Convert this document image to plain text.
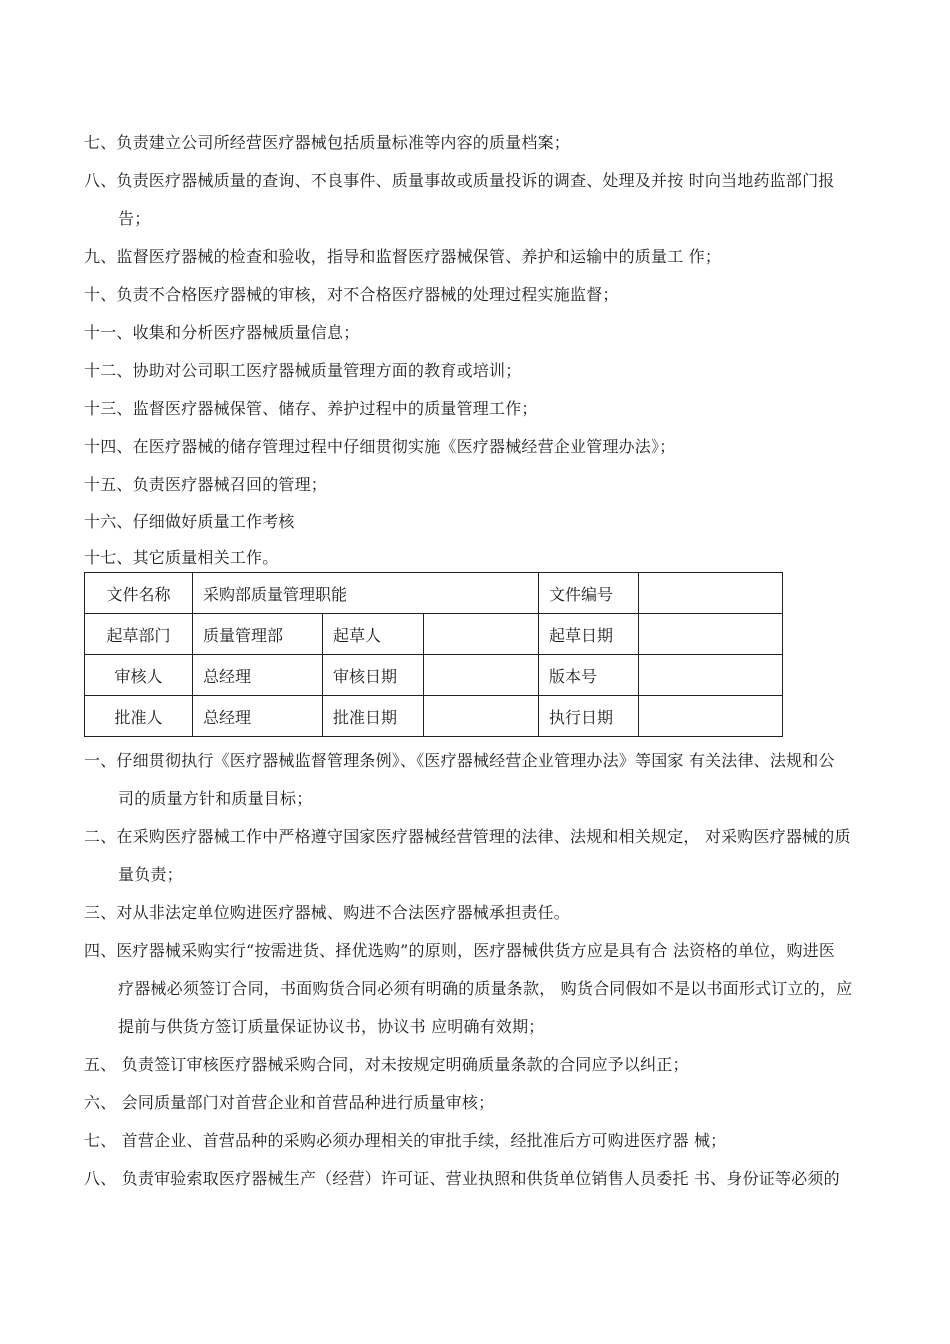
七、负责建立公司所经营医疗器械包括质量标准等内容的质量档案；
八、负责医疗器械质量的查询、不良事件、质量事故或质量投诉的调查、处理及并按 时向当地药监部门报
告；
九、监督医疗器械的检查和验收，指导和监督医疗器械保管、养护和运输中的质量工 作；
十、负责不合格医疗器械的审核，对不合格医疗器械的处理过程实施监督；
十一、收集和分析医疗器械质量信息；
十二、协助对公司职工医疗器械质量管理方面的教育或培训；
十三、监督医疗器械保管、储存、养护过程中的质量管理工作；
十四、在医疗器械的储存管理过程中仔细贯彻实施《医疗器械经营企业管理办法》；
十五、负责医疗器械召回的管理；
十六、仔细做好质量工作考核
十七、其它质量相关工作。
文件名称	采购部质量管理职能			文件编号	
起草部门	质量管理部	起草人		起草日期	
审核人	总经理	审核日期		版本号	
批准人	总经理	批准日期		执行日期	
一、仔细贯彻执行《医疗器械监督管理条例》、《医疗器械经营企业管理办法》等国家 有关法律、法规和公
司的质量方针和质量目标；
二、在采购医疗器械工作中严格遵守国家医疗器械经营管理的法律、法规和相关规定， 对采购医疗器械的质
量负责；
三、对从非法定单位购进医疗器械、购进不合法医疗器械承担责任。
四、医疗器械采购实行“按需进货、择优选购”的原则，医疗器械供货方应是具有合 法资格的单位，购进医
疗器械必须签订合同，书面购货合同必须有明确的质量条款， 购货合同假如不是以书面形式订立的，应
提前与供货方签订质量保证协议书，协议书 应明确有效期；
五、 负责签订审核医疗器械采购合同，对未按规定明确质量条款的合同应予以纠正；
六、 会同质量部门对首营企业和首营品种进行质量审核；
七、 首营企业、首营品种的采购必须办理相关的审批手续，经批准后方可购进医疗器 械；
八、 负责审验索取医疗器械生产（经营）许可证、营业执照和供货单位销售人员委托 书、身份证等必须的
